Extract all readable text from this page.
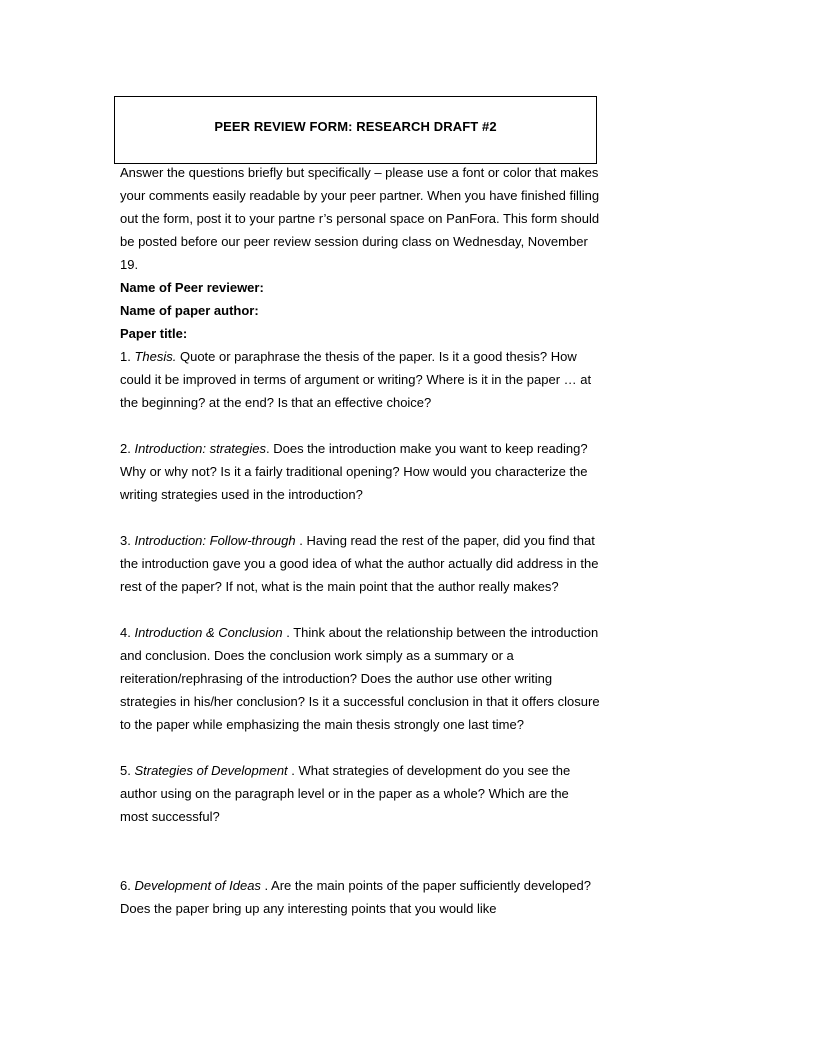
PEER REVIEW FORM: RESEARCH DRAFT #2

Answer the questions briefly but specifically – please use a font or color that makes your comments easily readable by your peer partner. When you have finished filling out the form, post it to your partne r’s personal space on PanFora. This form should be posted before our peer review session during class on Wednesday, November 19.

Name of Peer reviewer:

Name of paper author:

Paper title:

1. Thesis. Quote or paraphrase the thesis of the paper. Is it a good thesis? How could it be improved in terms of argument or writing? Where is it in the paper … at the beginning? at the end? Is that an effective choice?

2. Introduction: strategies. Does the introduction make you want to keep reading? Why or why not? Is it a fairly traditional opening? How would you characterize the writing strategies used in the introduction?

3. Introduction: Follow-through . Having read the rest of the paper, did you find that the introduction gave you a good idea of what the author actually did address in the rest of the paper? If not, what is the main point that the author really makes?

4. Introduction & Conclusion . Think about the relationship between the introduction and conclusion. Does the conclusion work simply as a summary or a reiteration/rephrasing of the introduction? Does the author use other writing strategies in his/her conclusion? Is it a successful conclusion in that it offers closure to the paper while emphasizing the main thesis strongly one last time?

5. Strategies of Development . What strategies of development do you see the author using on the paragraph level or in the paper as a whole? Which are the most successful?

6. Development of Ideas . Are the main points of the paper sufficiently developed? Does the paper bring up any interesting points that you would like
